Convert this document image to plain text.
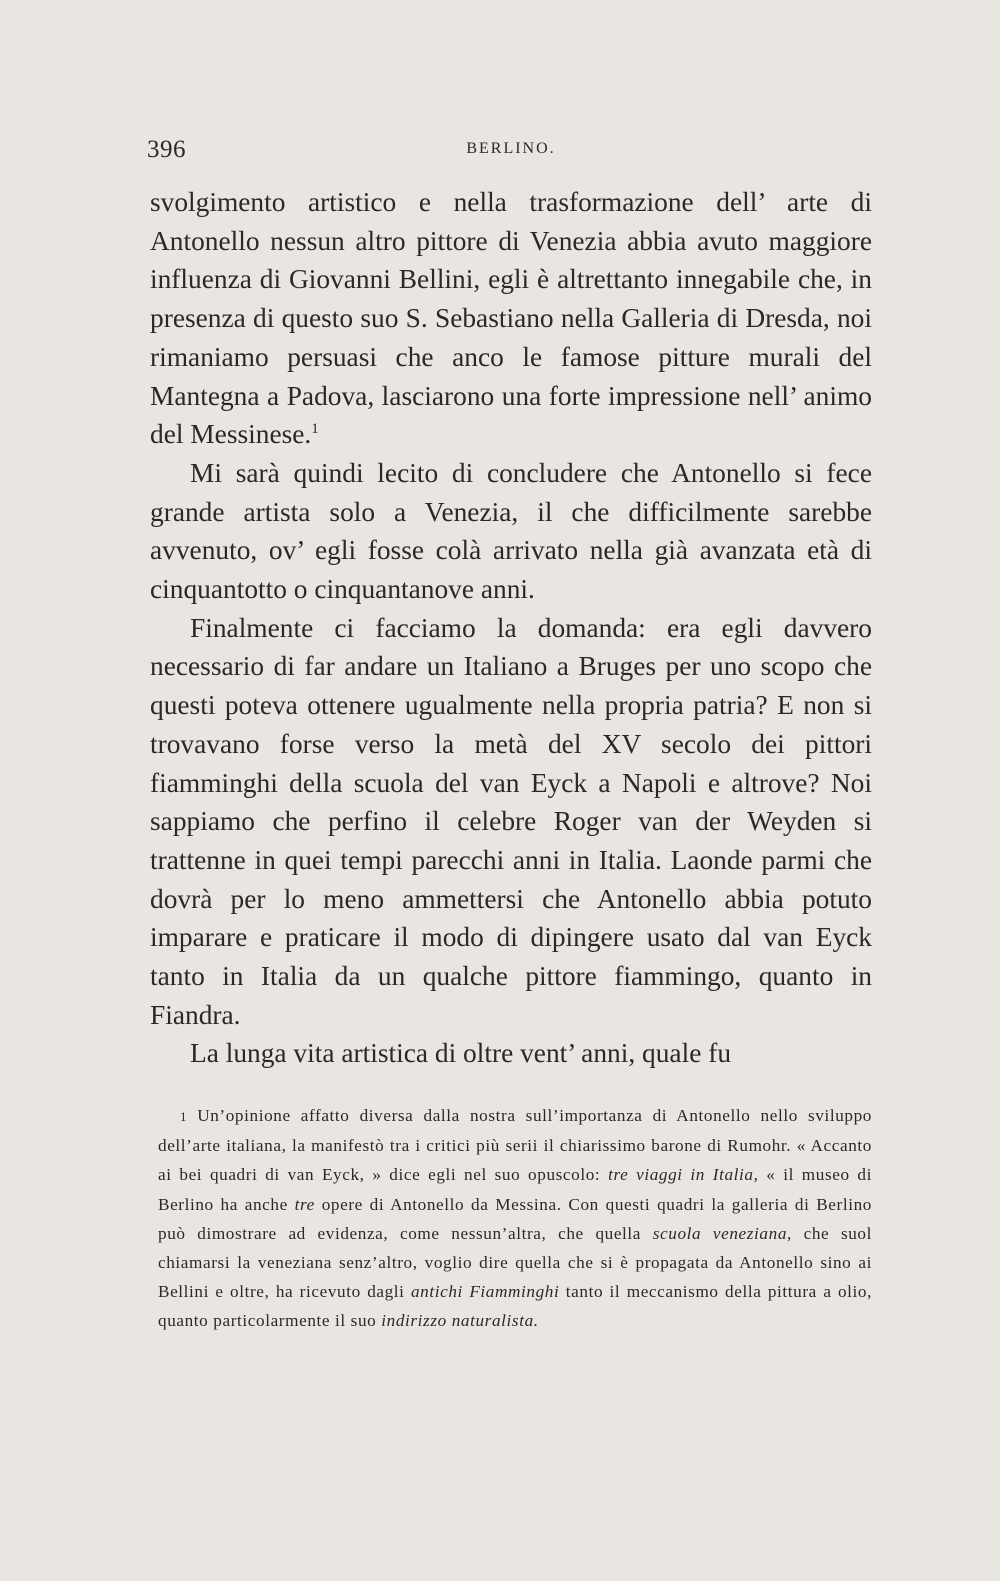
396	BERLINO.

svolgimento artistico e nella trasformazione dell’ arte di Antonello nessun altro pittore di Venezia abbia avuto maggiore influenza di Giovanni Bellini, egli è altrettanto innegabile che, in presenza di questo suo S. Sebastiano nella Galleria di Dresda, noi rimaniamo persuasi che anco le famose pitture murali del Mantegna a Padova, lasciarono una forte impressione nell’ animo del Messinese.$^1$

Mi sarà quindi lecito di concludere che Antonello si fece grande artista solo a Venezia, il che difficilmente sarebbe avvenuto, ov’ egli fosse colà arrivato nella già avanzata età di cinquantotto o cinquantanove anni.

Finalmente ci facciamo la domanda: era egli davvero necessario di far andare un Italiano a Bruges per uno scopo che questi poteva ottenere ugualmente nella propria patria? E non si trovavano forse verso la metà del XV secolo dei pittori fiamminghi della scuola del van Eyck a Napoli e altrove? Noi sappiamo che perfino il celebre Roger van der Weyden si trattenne in quei tempi parecchi anni in Italia. Laonde parmi che dovrà per lo meno ammettersi che Antonello abbia potuto imparare e praticare il modo di dipingere usato dal van Eyck tanto in Italia da un qualche pittore fiammingo, quanto in Fiandra.

La lunga vita artistica di oltre vent’ anni, quale fu

1 Un’opinione affatto diversa dalla nostra sull’importanza di Antonello nello sviluppo dell’arte italiana, la manifestò tra i critici più serii il chiarissimo barone di Rumohr. « Accanto ai bei quadri di van Eyck, » dice egli nel suo opuscolo: tre viaggi in Italia, « il museo di Berlino ha anche tre opere di Antonello da Messina. Con questi quadri la galleria di Berlino può dimostrare ad evidenza, come nessun’altra, che quella scuola veneziana, che suol chiamarsi la veneziana senz’altro, voglio dire quella che si è propagata da Antonello sino ai Bellini e oltre, ha ricevuto dagli antichi Fiamminghi tanto il meccanismo della pittura a olio, quanto particolarmente il suo indirizzo naturalista.
